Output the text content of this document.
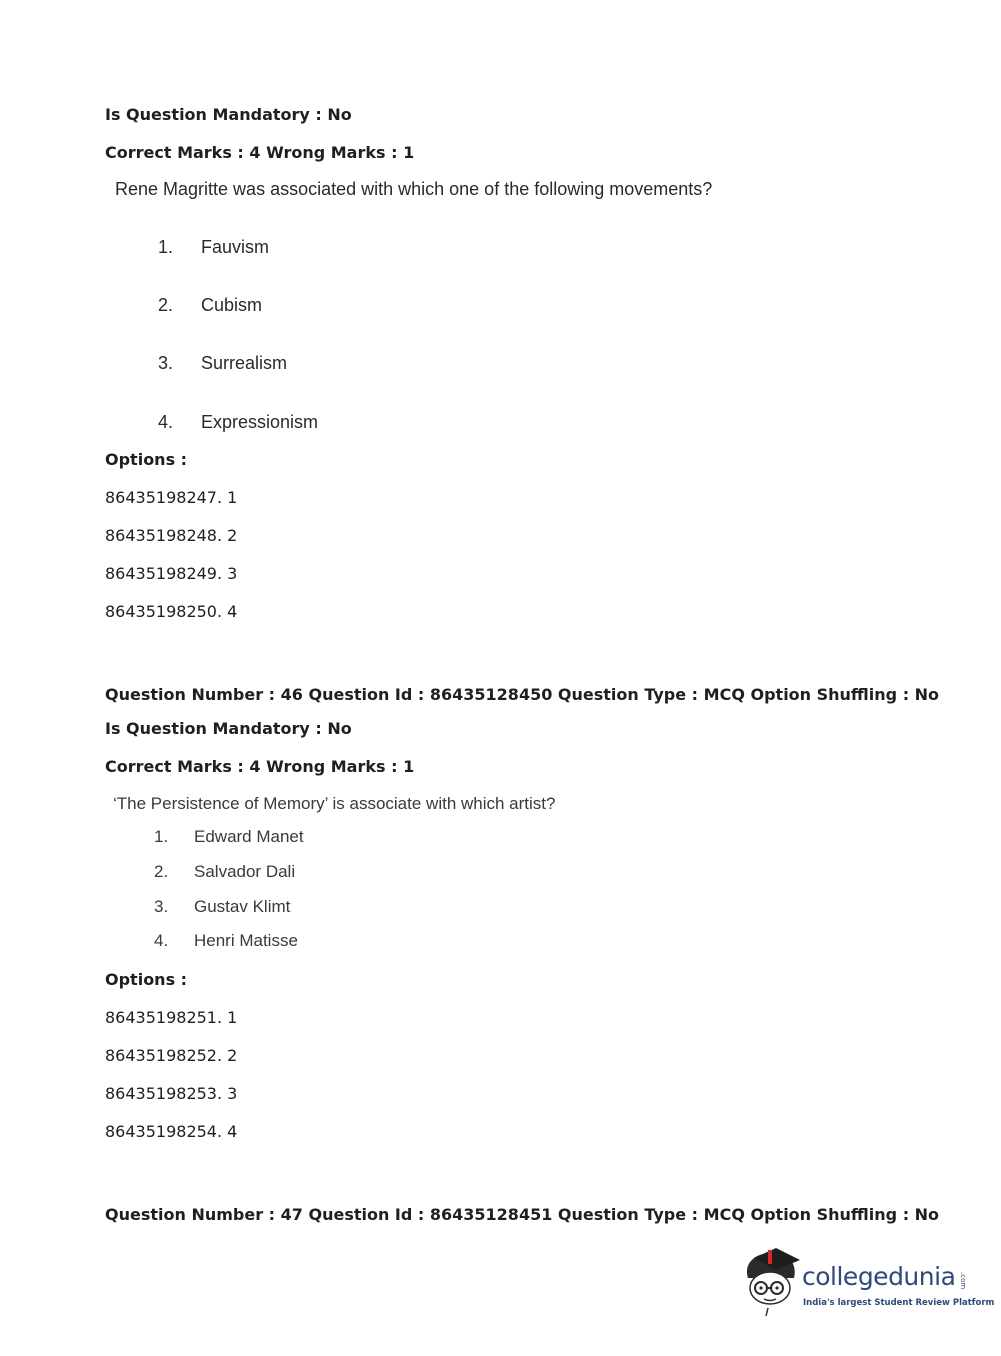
Is Question Mandatory : No
Correct Marks : 4 Wrong Marks : 1
Rene Magritte was associated with which one of the following movements?
1. Fauvism
2. Cubism
3. Surrealism
4. Expressionism
Options :
86435198247. 1
86435198248. 2
86435198249. 3
86435198250. 4
Question Number : 46 Question Id : 86435128450 Question Type : MCQ Option Shuffling : No
Is Question Mandatory : No
Correct Marks : 4 Wrong Marks : 1
‘The Persistence of Memory’ is associate with which artist?
1. Edward Manet
2. Salvador Dali
3. Gustav Klimt
4. Henri Matisse
Options :
86435198251. 1
86435198252. 2
86435198253. 3
86435198254. 4
Question Number : 47 Question Id : 86435128451 Question Type : MCQ Option Shuffling : No
collegedunia .com
India's largest Student Review Platform
